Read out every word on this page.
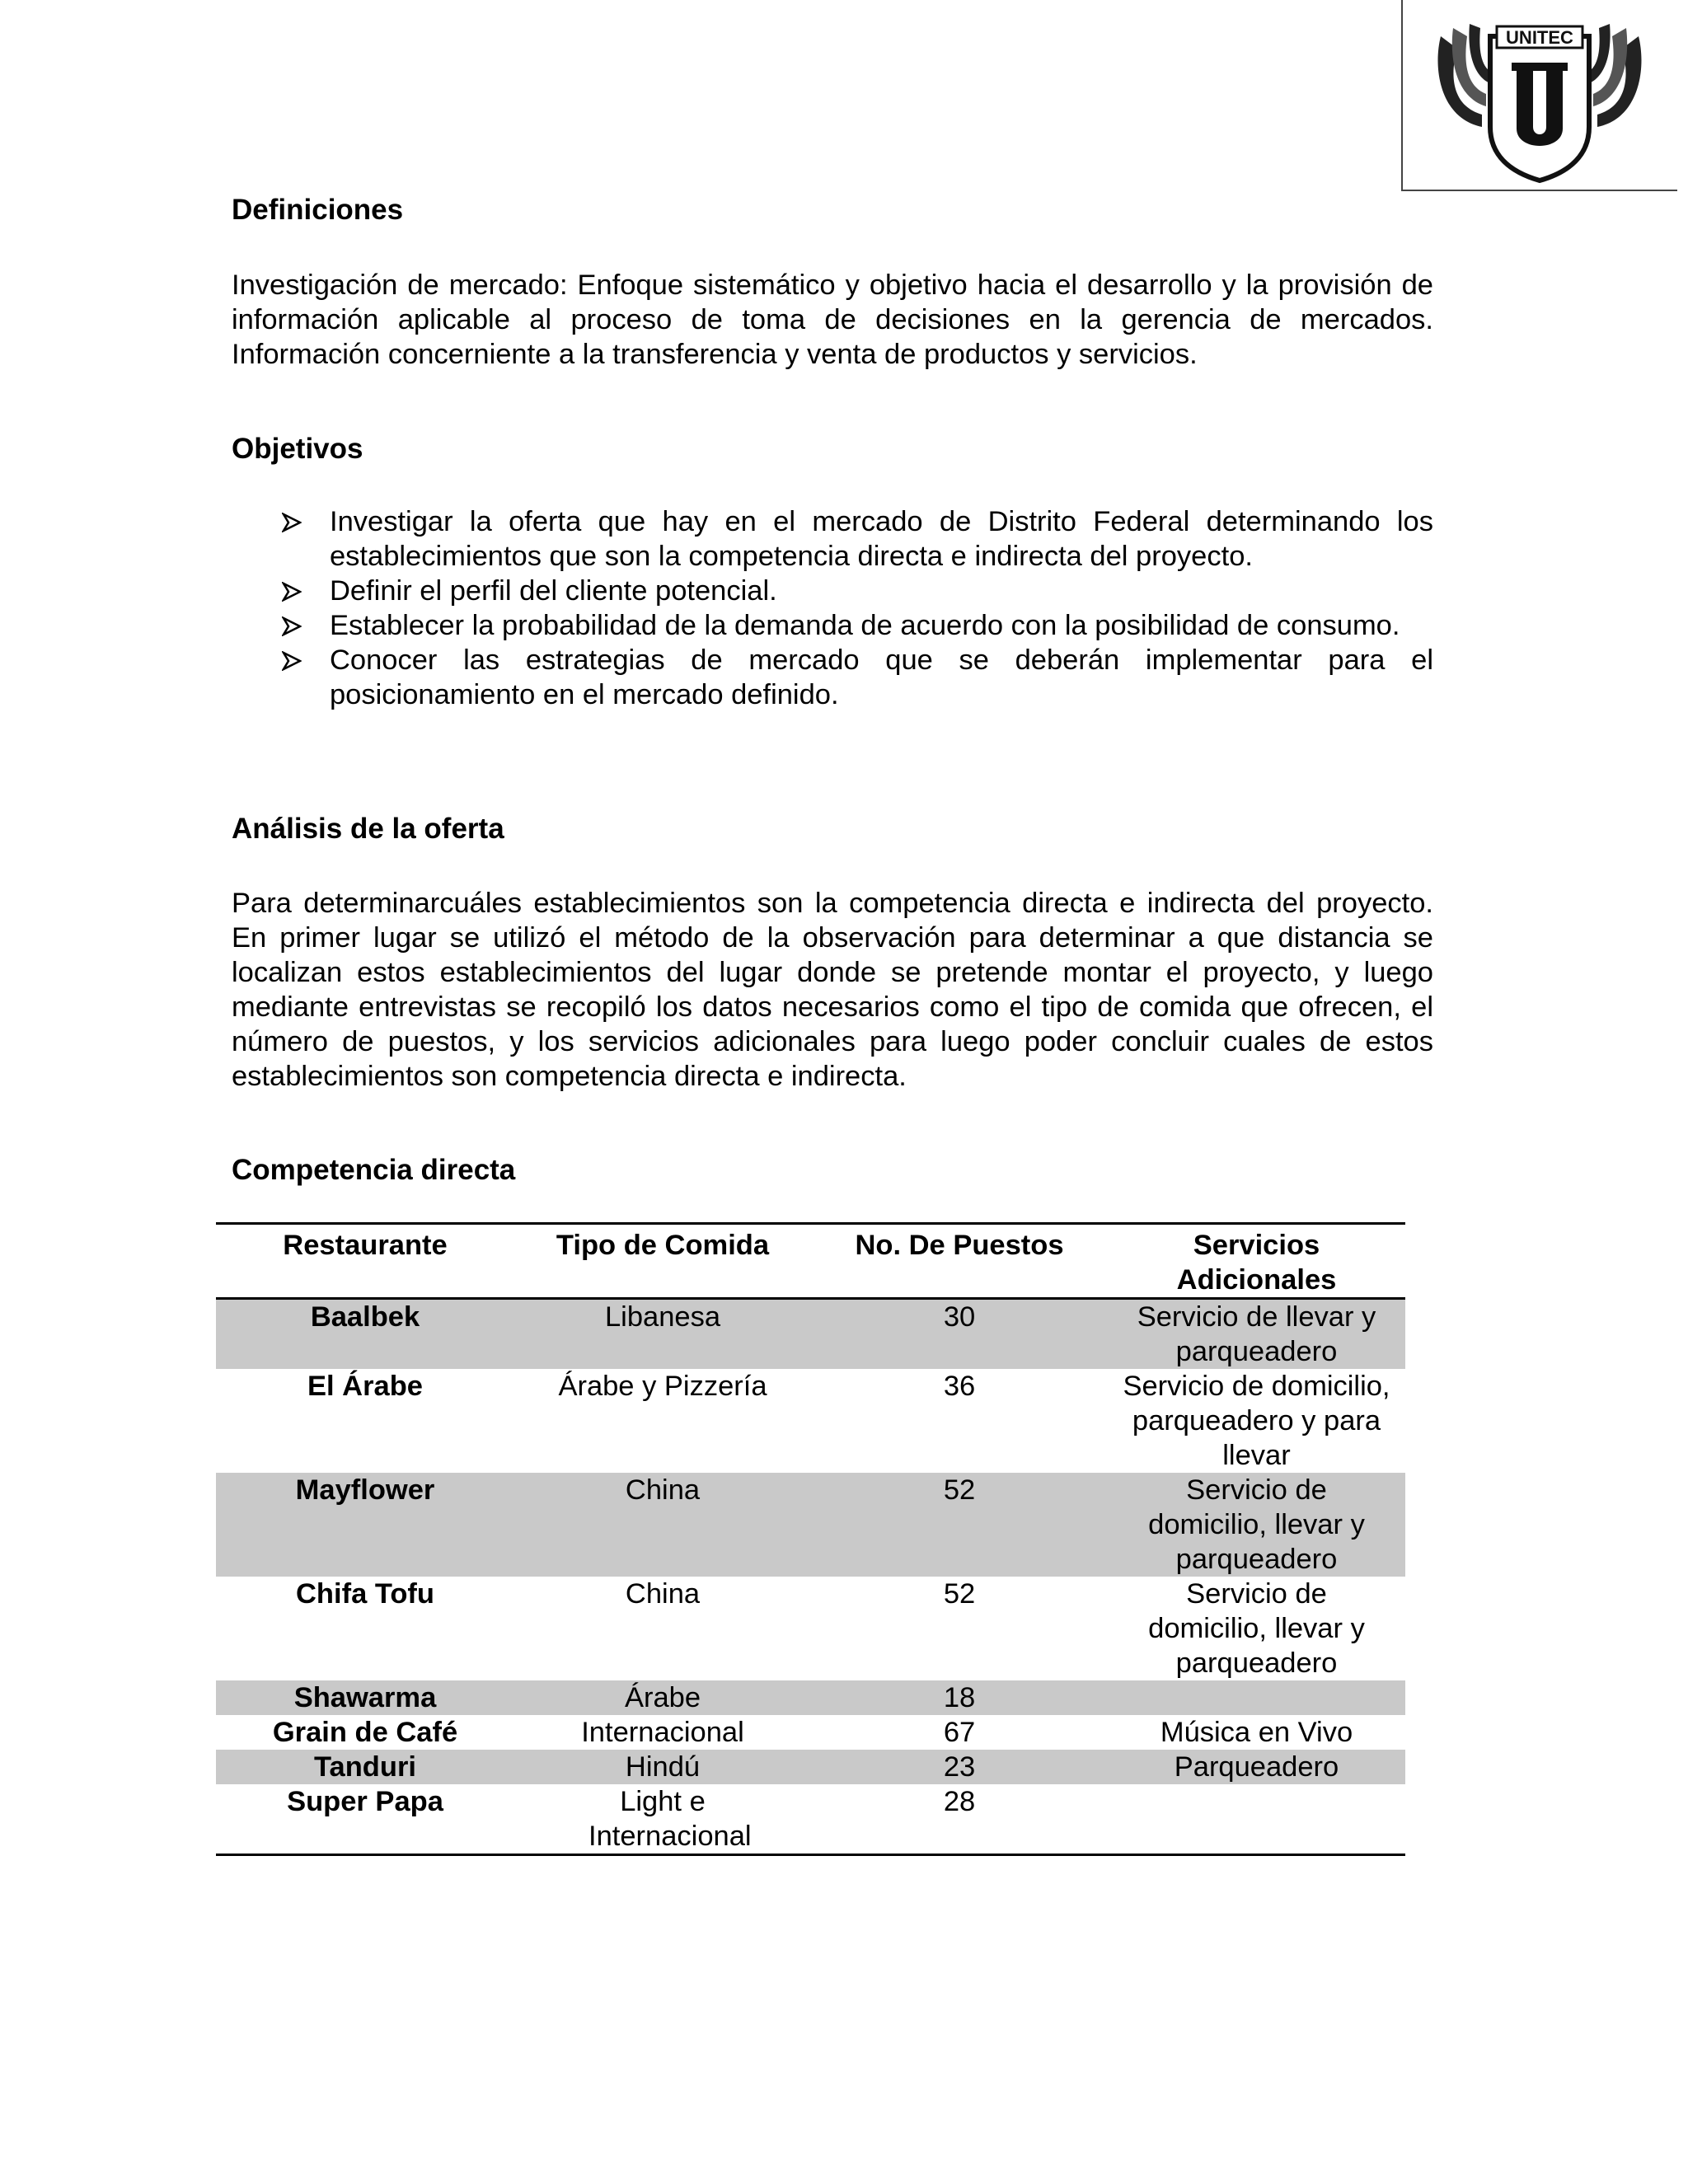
UNITEC
Definiciones

Investigación de mercado: Enfoque sistemático y objetivo hacia el desarrollo y la provisión de información aplicable al proceso de toma de decisiones en la gerencia de mercados. Información concerniente a la transferencia y venta de productos y servicios.

Objetivos
Investigar la oferta que hay en el mercado de Distrito Federal determinando los establecimientos que son la competencia directa e indirecta del proyecto.
Definir el perfil del cliente potencial.
Establecer la probabilidad de la demanda de acuerdo con la posibilidad de consumo.
Conocer las estrategias de mercado que se deberán implementar para el posicionamiento en el mercado definido.
Análisis de la oferta

Para determinarcuáles establecimientos son la competencia directa e indirecta del proyecto. En primer lugar se utilizó el método de la observación para determinar a que distancia se localizan estos establecimientos del lugar donde se pretende montar el proyecto, y luego mediante entrevistas se recopiló los datos necesarios como el tipo de comida que ofrecen, el número de puestos, y los servicios adicionales para luego poder concluir cuales de estos establecimientos son competencia directa e indirecta.

Competencia directa
Restaurante	Tipo de Comida	No. De Puestos	Servicios Adicionales
Baalbek	Libanesa	30	Servicio de llevar y parqueadero
El Árabe	Árabe y Pizzería	36	Servicio de domicilio, parqueadero y para llevar
Mayflower	China	52	Servicio de domicilio, llevar y parqueadero
Chifa Tofu	China	52	Servicio de domicilio, llevar y parqueadero
Shawarma	Árabe	18	
Grain de Café	Internacional	67	Música en Vivo
Tanduri	Hindú	23	Parqueadero
Super Papa	Light e Internacional	28	
